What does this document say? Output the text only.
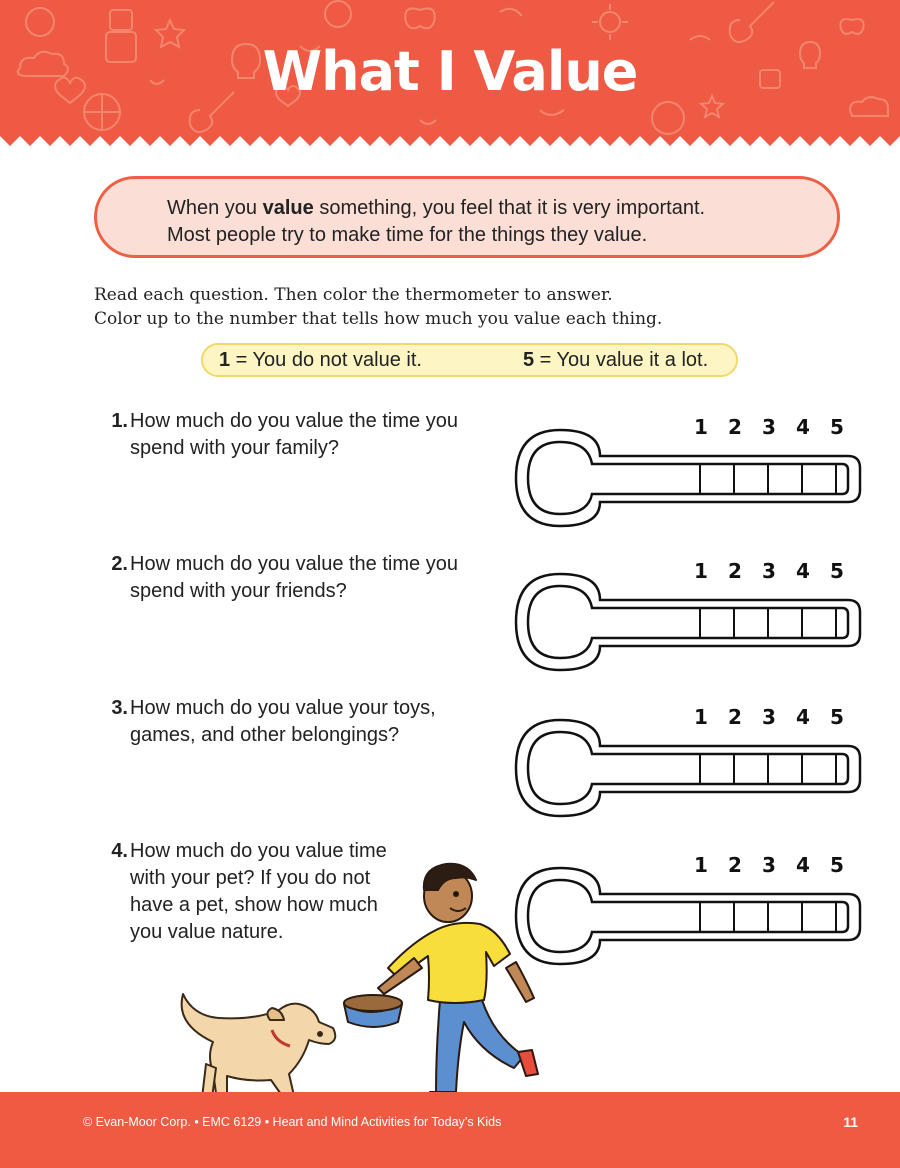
What I Value
When you value something, you feel that it is very important.
Most people try to make time for the things they value.
Read each question. Then color the thermometer to answer.
Color up to the number that tells how much you value each thing.
1 = You do not value it.	5 = You value it a lot.
1. How much do you value the time you spend with your family?
2. How much do you value the time you spend with your friends?
3. How much do you value your toys, games, and other belongings?
4. How much do you value time with your pet? If you do not have a pet, show how much you value nature.
1 2 3 4 5
1 2 3 4 5
1 2 3 4 5
1 2 3 4 5
© Evan-Moor Corp. • EMC 6129 • Heart and Mind Activities for Today’s Kids	11
